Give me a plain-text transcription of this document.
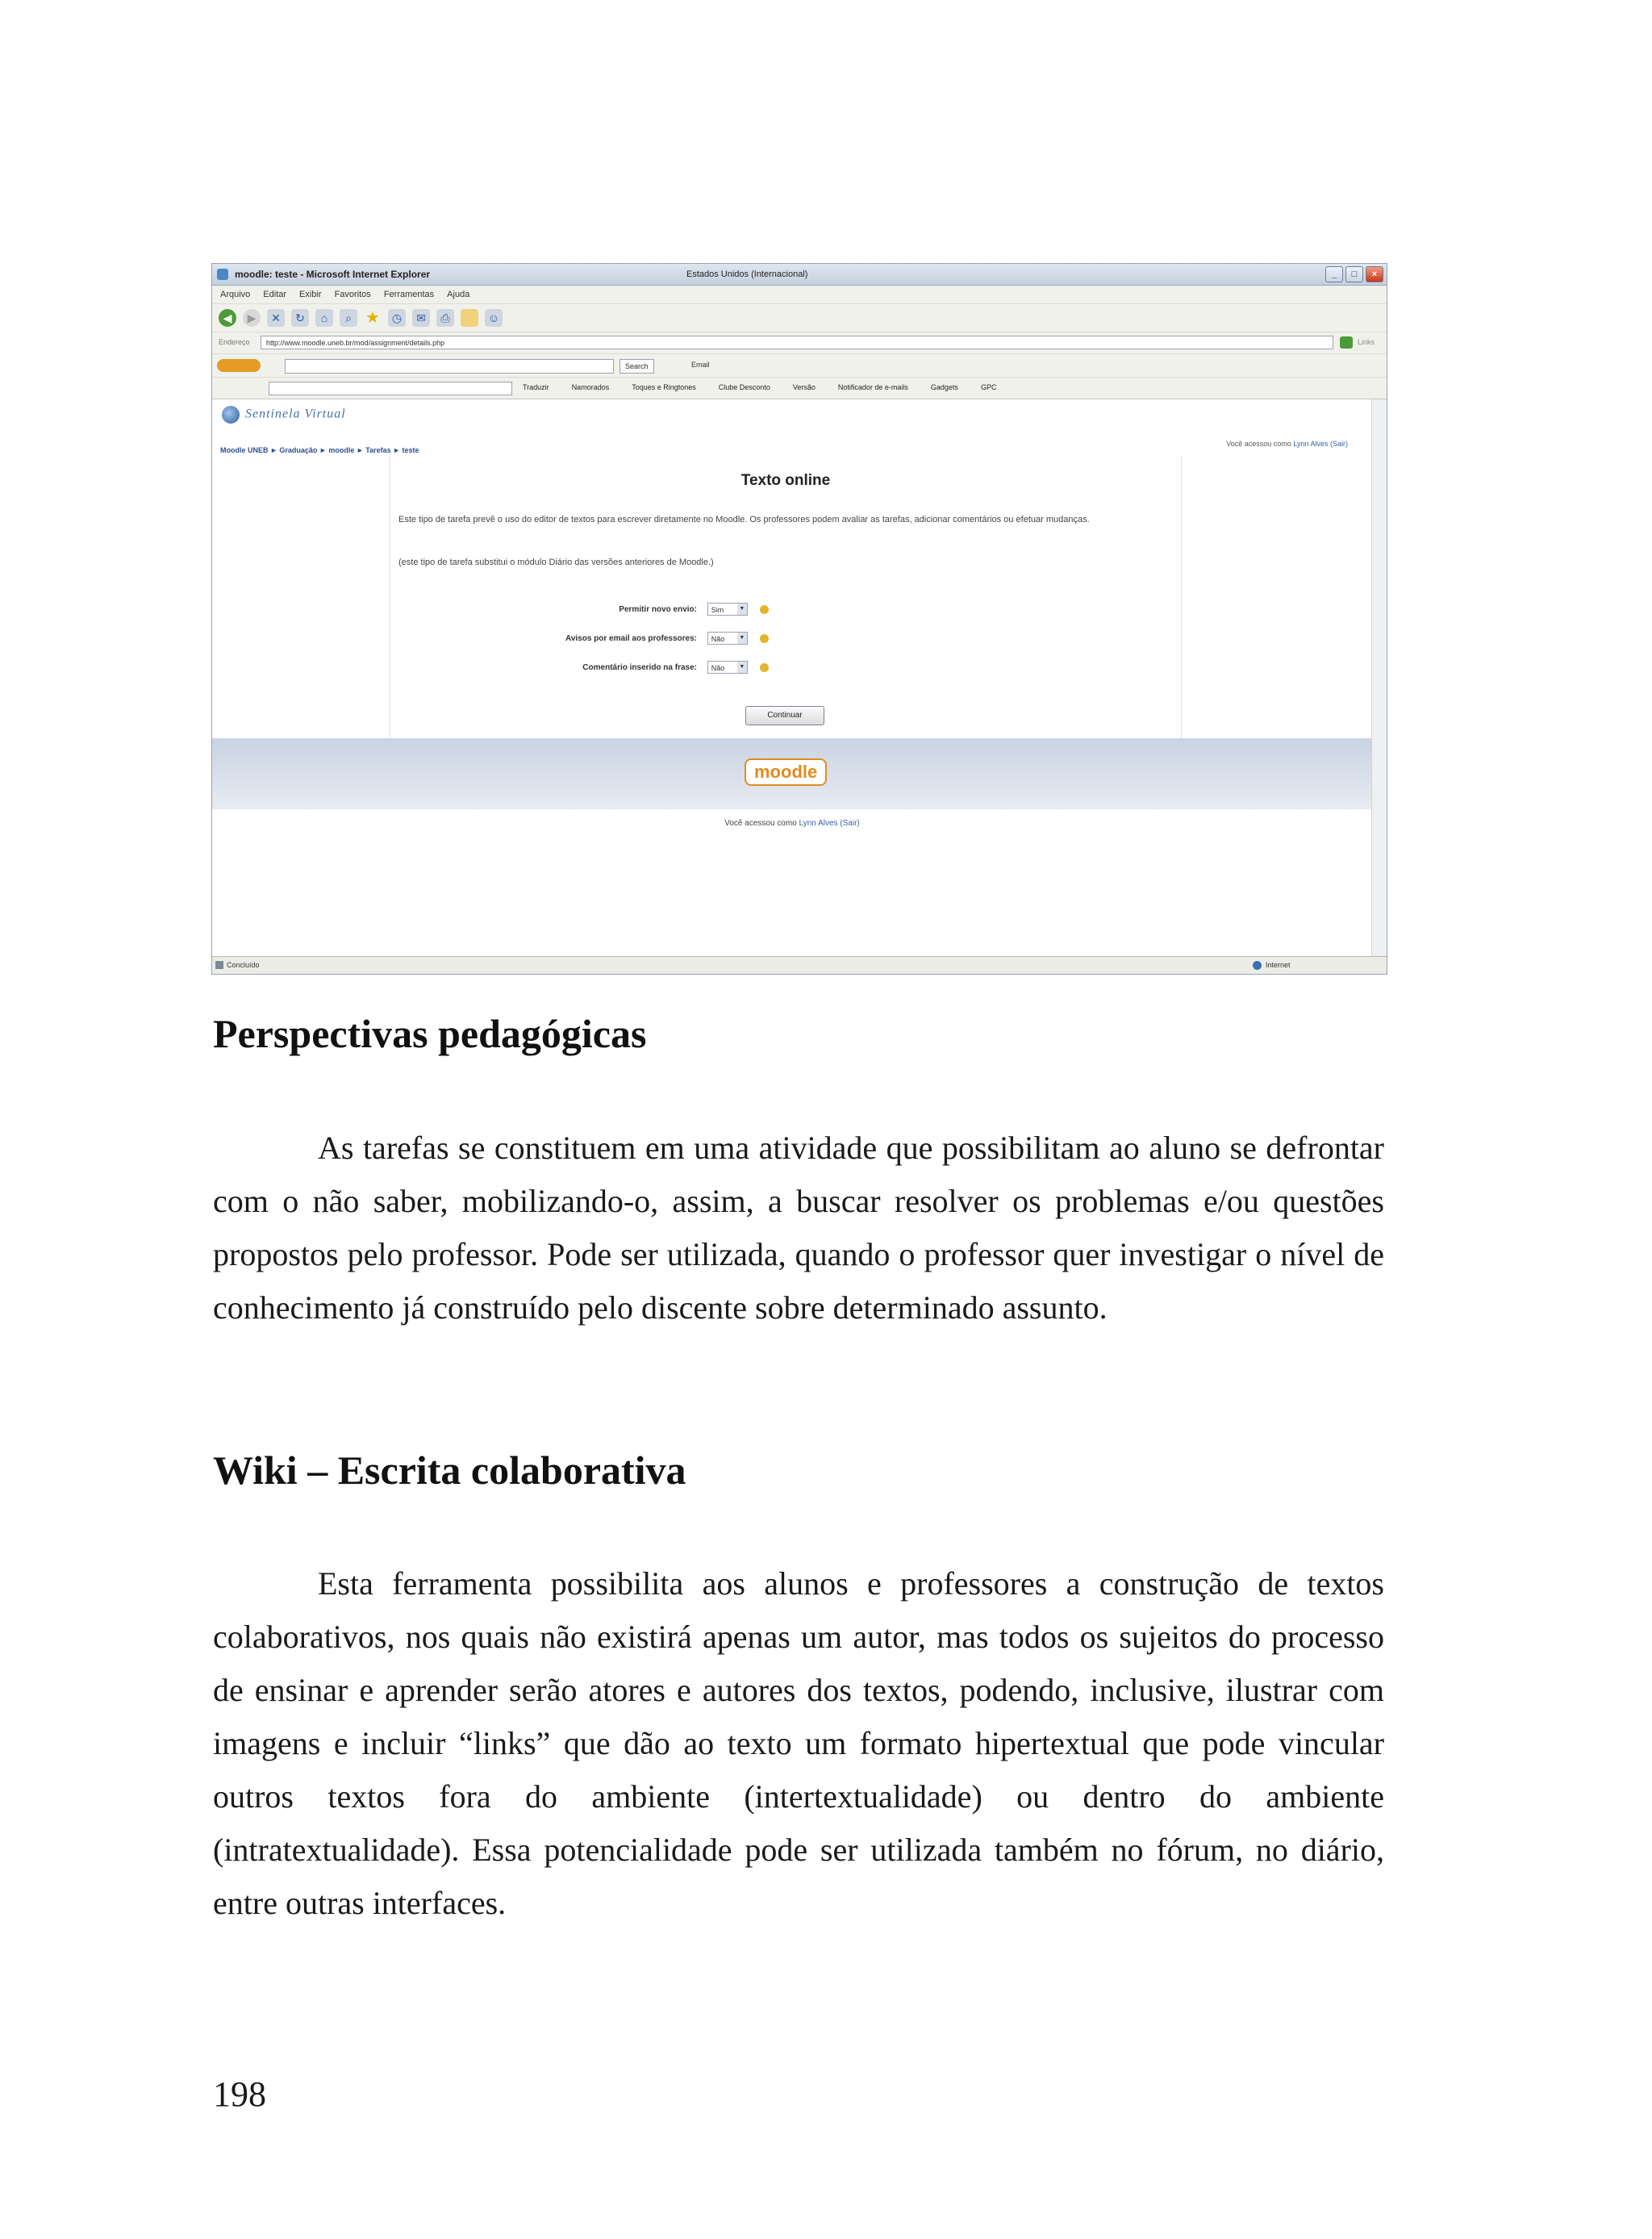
moodle: teste - Microsoft Internet Explorer	Estados Unidos (Internacional)	_	□	×
Arquivo Editar Exibir Favoritos Ferramentas Ajuda
◀	▶	✕	↻	⌂	⌕ ★	◷	✉	⎙	☺
Endereço	http://www.moodle.uneb.br/mod/assignment/details.php	Links
Search	Email
Traduzir	Namorados	Toques e Ringtones	Clube Desconto	Versão	Notificador de e-mails	Gadgets	GPC
Sentinela Virtual
Moodle UNEB ► Graduação ► moodle ► Tarefas ► teste
Você acessou como Lynn Alves (Sair)
Texto online
Este tipo de tarefa prevê o uso do editor de textos para escrever diretamente no Moodle. Os professores podem avaliar as tarefas, adicionar comentários ou efetuar mudanças.
(este tipo de tarefa substitui o módulo Diário das versões anteriores de Moodle.)
Permitir novo envio: Sim	▼

Avisos por email aos professores: Não	▼

Comentário inserido na frase: Não	▼

Continuar
moodle
Você acessou como Lynn Alves (Sair)
Concluído	Internet
Perspectivas pedagógicas

As tarefas se constituem em uma atividade que possibilitam ao aluno se defrontar com o não saber, mobilizando-o, assim, a buscar resolver os problemas e/ou questões propostos pelo professor. Pode ser utilizada, quando o professor quer investigar o nível de conhecimento já construído pelo discente sobre determinado assunto.

Wiki – Escrita colaborativa

Esta ferramenta possibilita aos alunos e professores a construção de textos colaborativos, nos quais não existirá apenas um autor, mas todos os sujeitos do processo de ensinar e aprender serão atores e autores dos textos, podendo, inclusive, ilustrar com imagens e incluir “links” que dão ao texto um formato hipertextual que pode vincular outros textos fora do ambiente (intertextualidade) ou dentro do ambiente (intratextualidade). Essa potencialidade pode ser utilizada também no fórum, no diário, entre outras interfaces.

198
